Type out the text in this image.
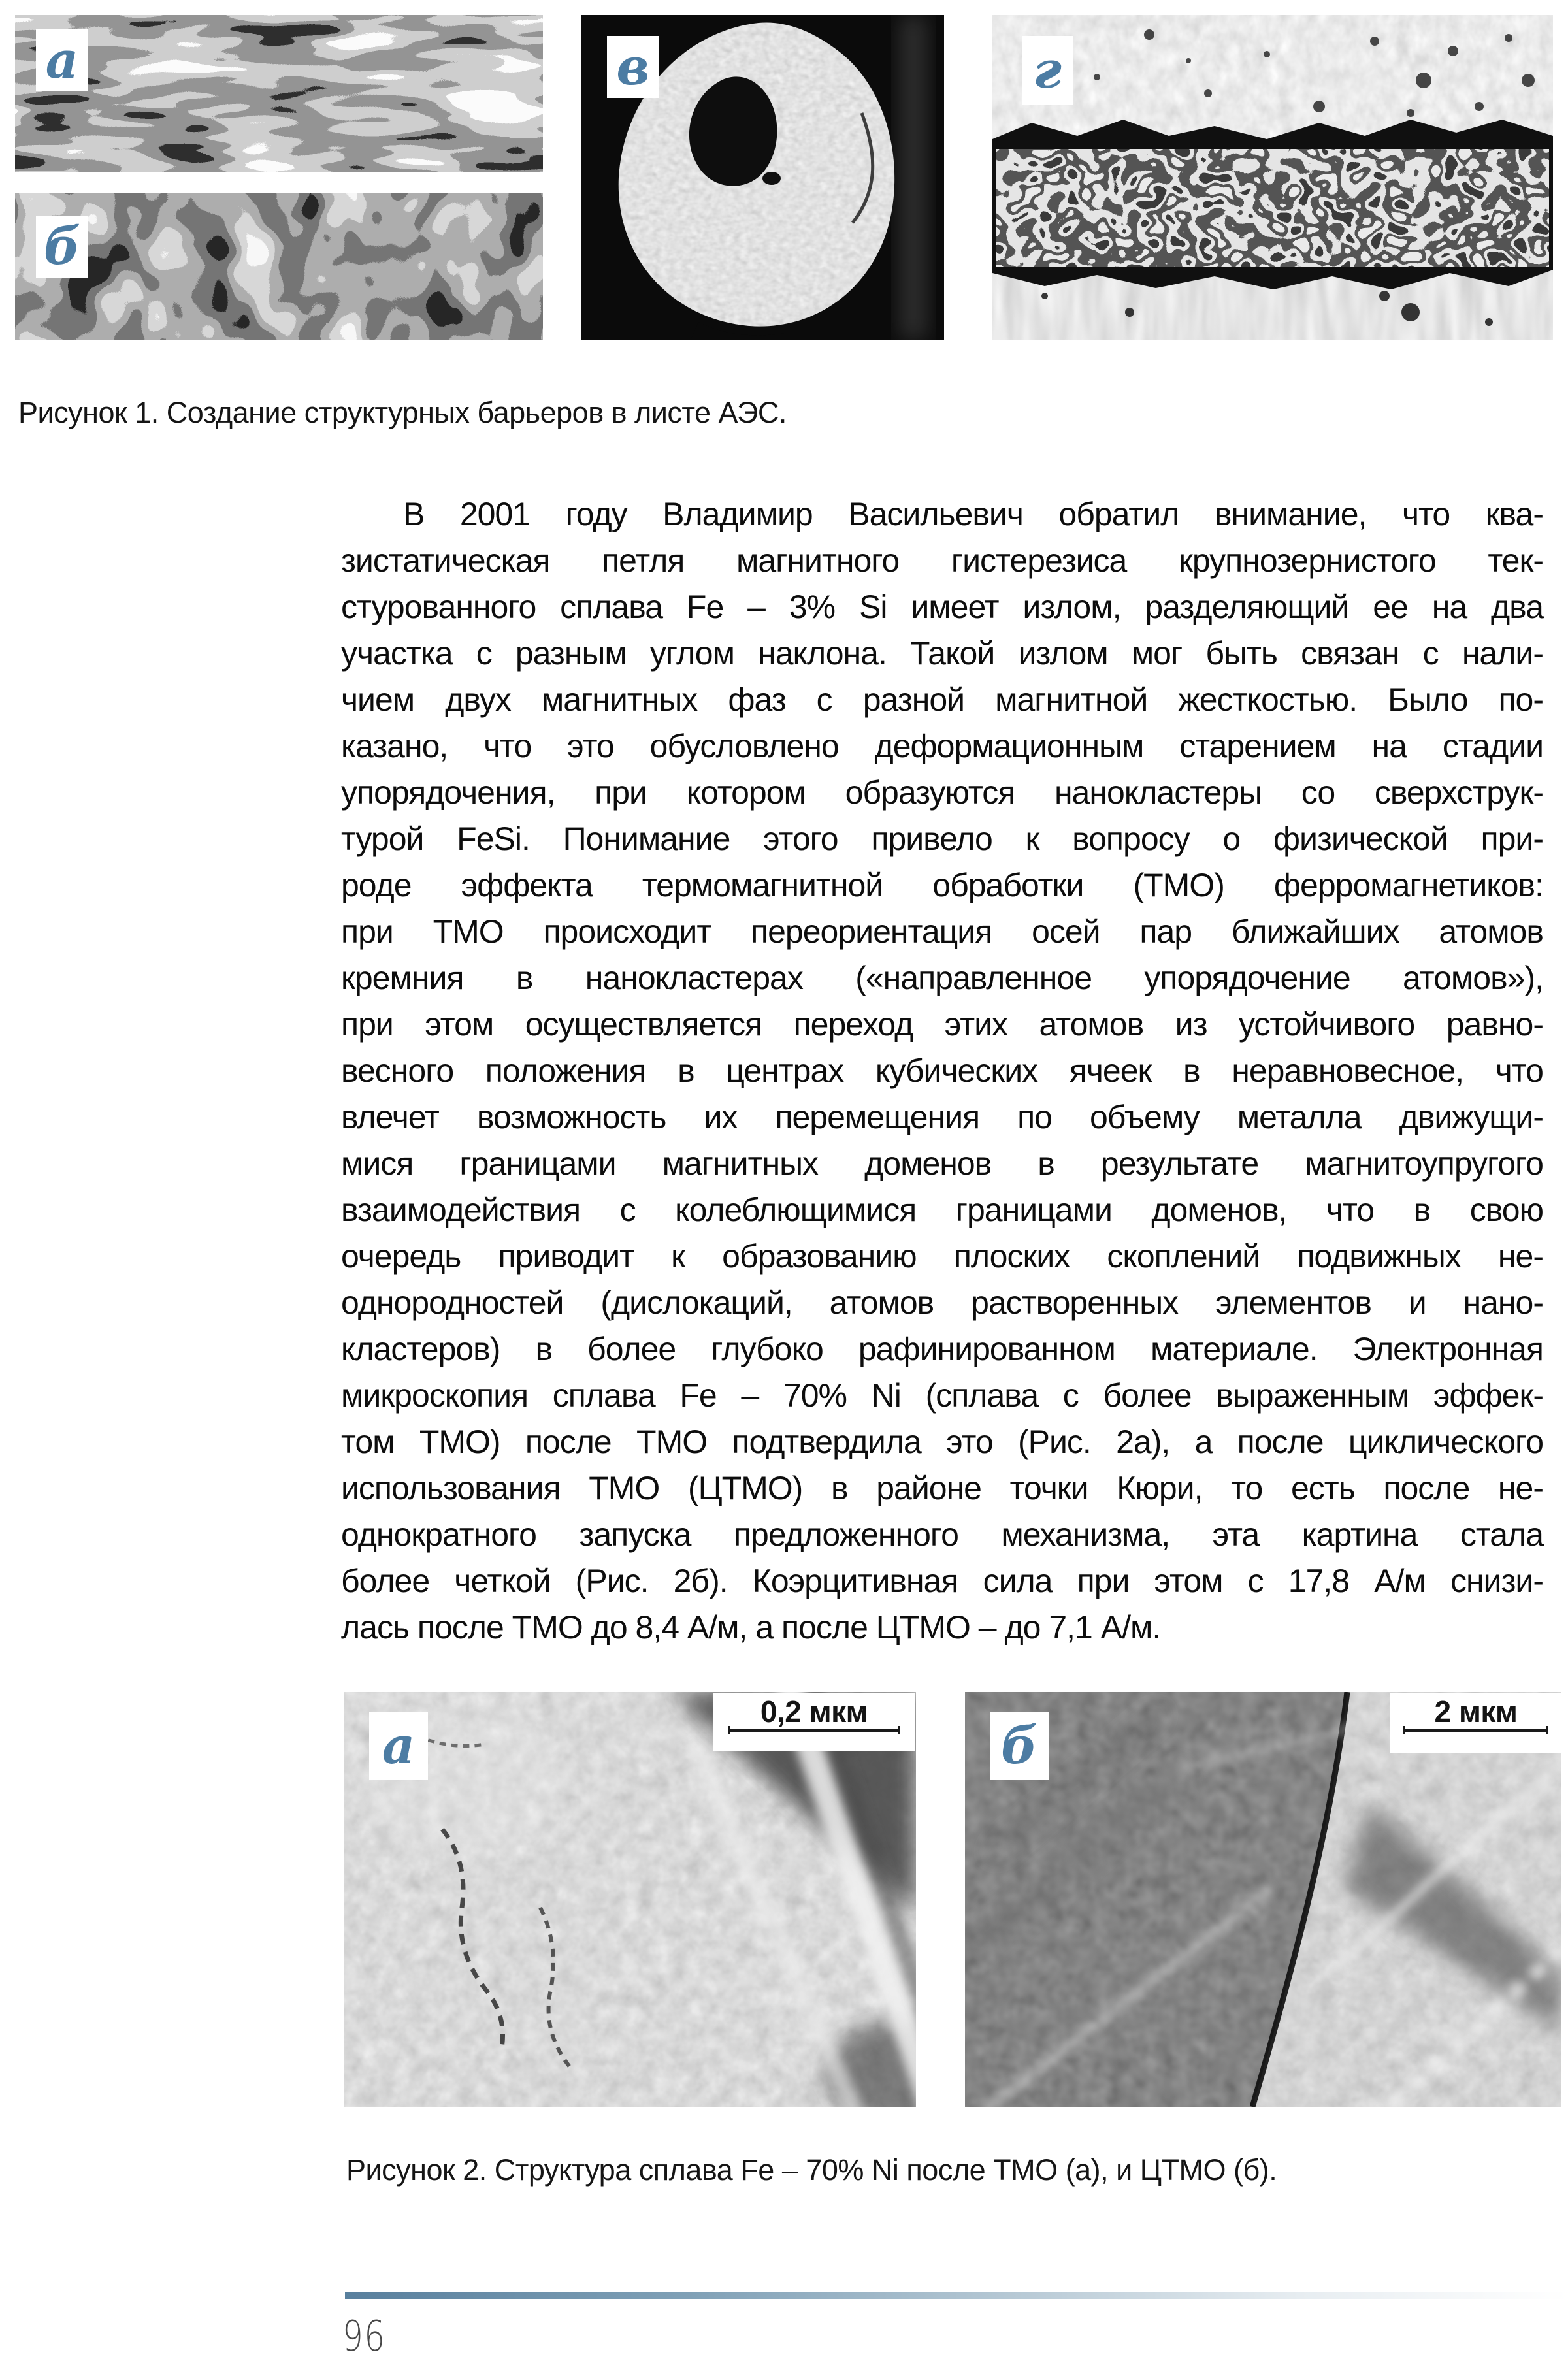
а
б
в	г
Рисунок 1. Создание структурных барьеров в листе АЭС.
В 2001 году Владимир Васильевич обратил внимание, что ква-
зистатическая петля магнитного гистерезиса крупнозернистого тек-
стурованного сплава Fe – 3% Si имеет излом, разделяющий ее на два
участка с разным углом наклона. Такой излом мог быть связан с нали-
чием двух магнитных фаз с разной магнитной жесткостью. Было по-
казано, что это обусловлено деформационным старением на стадии
упорядочения, при котором образуются нанокластеры со сверхструк-
турой FeSi. Понимание этого привело к вопросу о физической при-
роде эффекта термомагнитной обработки (ТМО) ферромагнетиков:
при ТМО происходит переориентация осей пар ближайших атомов
кремния в нанокластерах («направленное упорядочение атомов»),
при этом осуществляется переход этих атомов из устойчивого равно-
весного положения в центрах кубических ячеек в неравновесное, что
влечет возможность их перемещения по объему металла движущи-
мися границами магнитных доменов в результате магнитоупругого
взаимодействия с колеблющимися границами доменов, что в свою
очередь приводит к образованию плоских скоплений подвижных не-
однородностей (дислокаций, атомов растворенных элементов и нано-
кластеров) в более глубоко рафинированном материале. Электронная
микроскопия сплава Fe – 70% Ni (сплава с более выраженным эффек-
том ТМО) после ТМО подтвердила это (Рис. 2а), а после циклического
использования ТМО (ЦТМО) в районе точки Кюри, то есть после не-
однократного запуска предложенного механизма, эта картина стала
более четкой (Рис. 2б). Коэрцитивная сила при этом с 17,8 А/м снизи-
лась после ТМО до 8,4 А/м, а после ЦТМО – до 7,1 А/м.
а	б
0,2 мкм	2 мкм
Рисунок 2. Структура сплава Fe – 70% Ni после ТМО (а), и ЦТМО (б).
96
